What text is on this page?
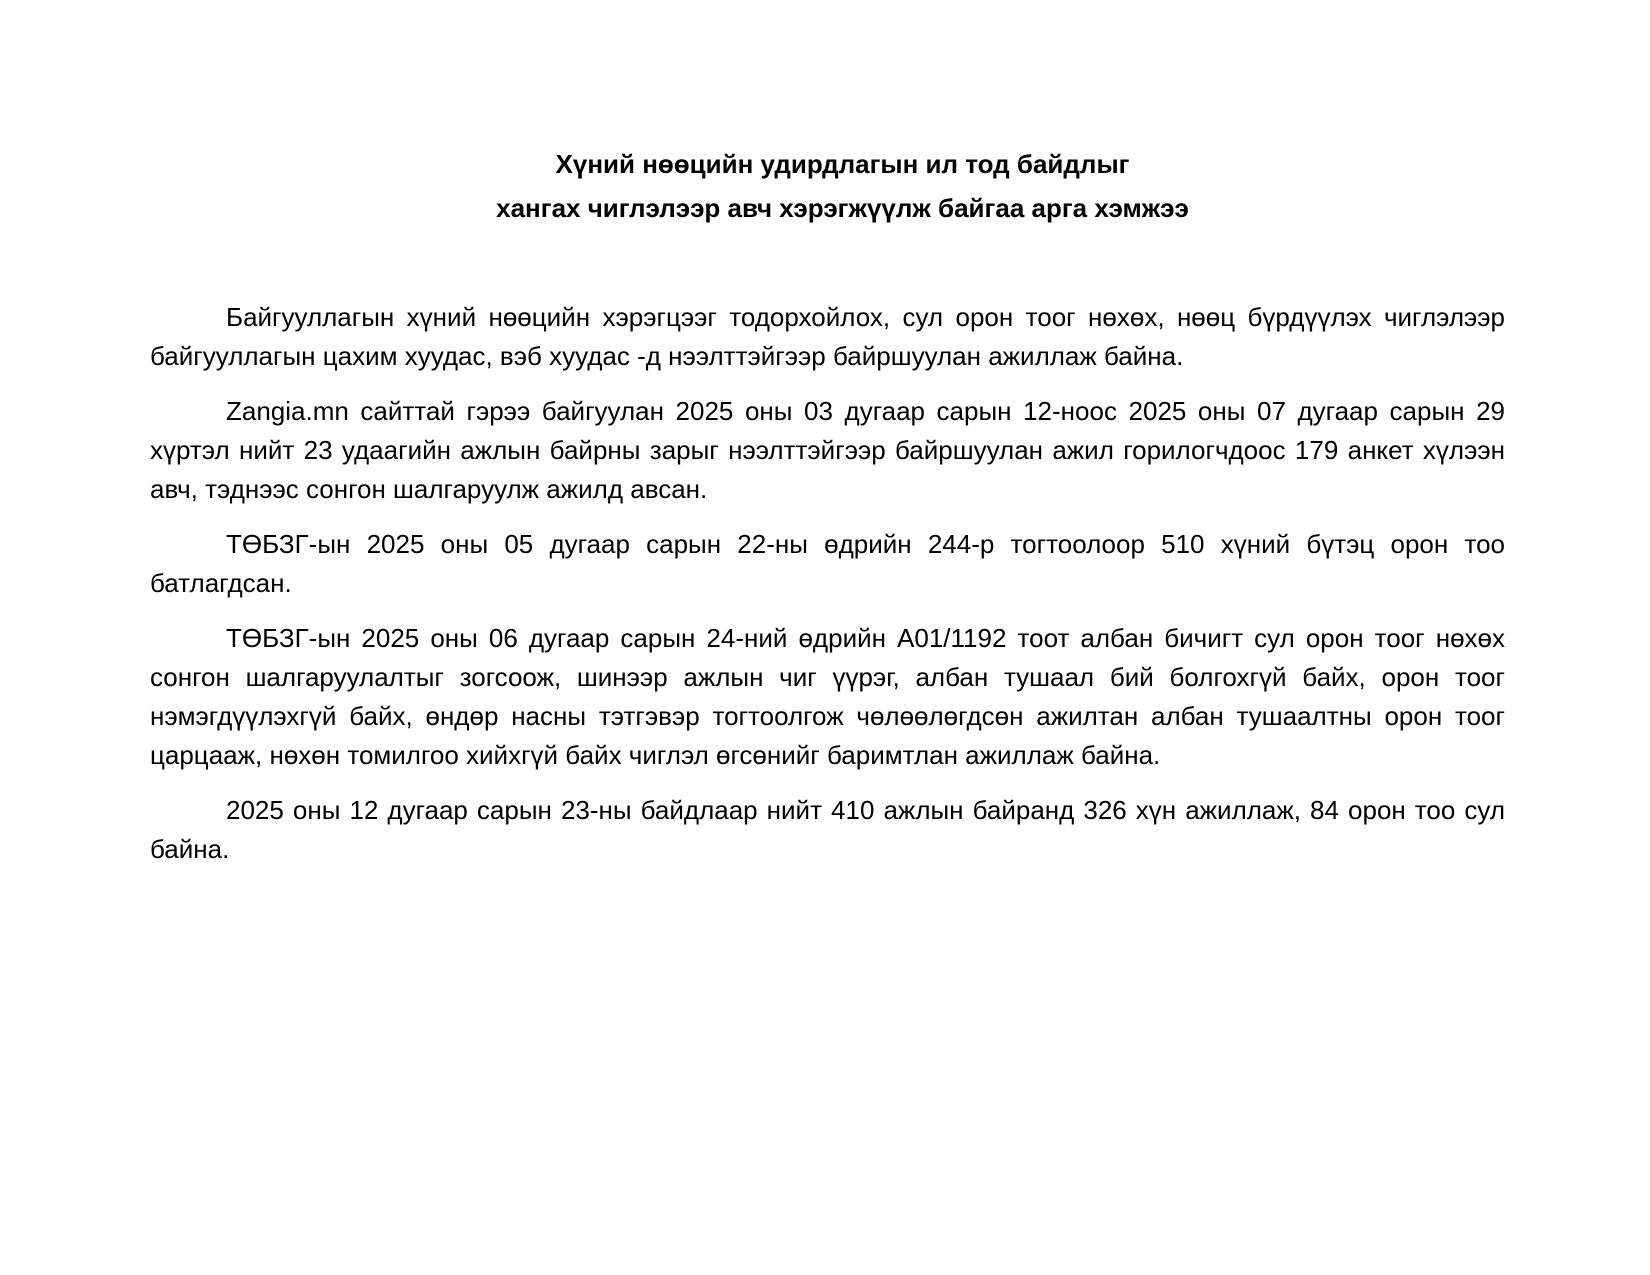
Хүний нөөцийн удирдлагын ил тод байдлыг

хангах чиглэлээр авч хэрэгжүүлж байгаа арга хэмжээ

Байгууллагын хүний нөөцийн хэрэгцээг тодорхойлох, сул орон тоог нөхөх, нөөц бүрдүүлэх чиглэлээр байгууллагын цахим хуудас, вэб хуудас -д нээлттэйгээр байршуулан ажиллаж байна.

Zangia.mn сайттай гэрээ байгуулан 2025 оны 03 дугаар сарын 12-ноос 2025 оны 07 дугаар сарын 29 хүртэл нийт 23 удаагийн ажлын байрны зарыг нээлттэйгээр байршуулан ажил горилогчдоос 179 анкет хүлээн авч, тэднээс сонгон шалгаруулж ажилд авсан.

ТӨБЗГ-ын 2025 оны 05 дугаар сарын 22-ны өдрийн 244-р тогтоолоор 510 хүний бүтэц орон тоо батлагдсан.

ТӨБЗГ-ын 2025 оны 06 дугаар сарын 24-ний өдрийн А01/1192 тоот албан бичигт сул орон тоог нөхөх сонгон шалгаруулалтыг зогсоож, шинээр ажлын чиг үүрэг, албан тушаал бий болгохгүй байх, орон тоог нэмэгдүүлэхгүй байх, өндөр насны тэтгэвэр тогтоолгож чөлөөлөгдсөн ажилтан албан тушаалтны орон тоог царцааж, нөхөн томилгоо хийхгүй байх чиглэл өгсөнийг баримтлан ажиллаж байна.

2025 оны 12 дугаар сарын 23-ны байдлаар нийт 410 ажлын байранд 326 хүн ажиллаж, 84 орон тоо сул байна.
